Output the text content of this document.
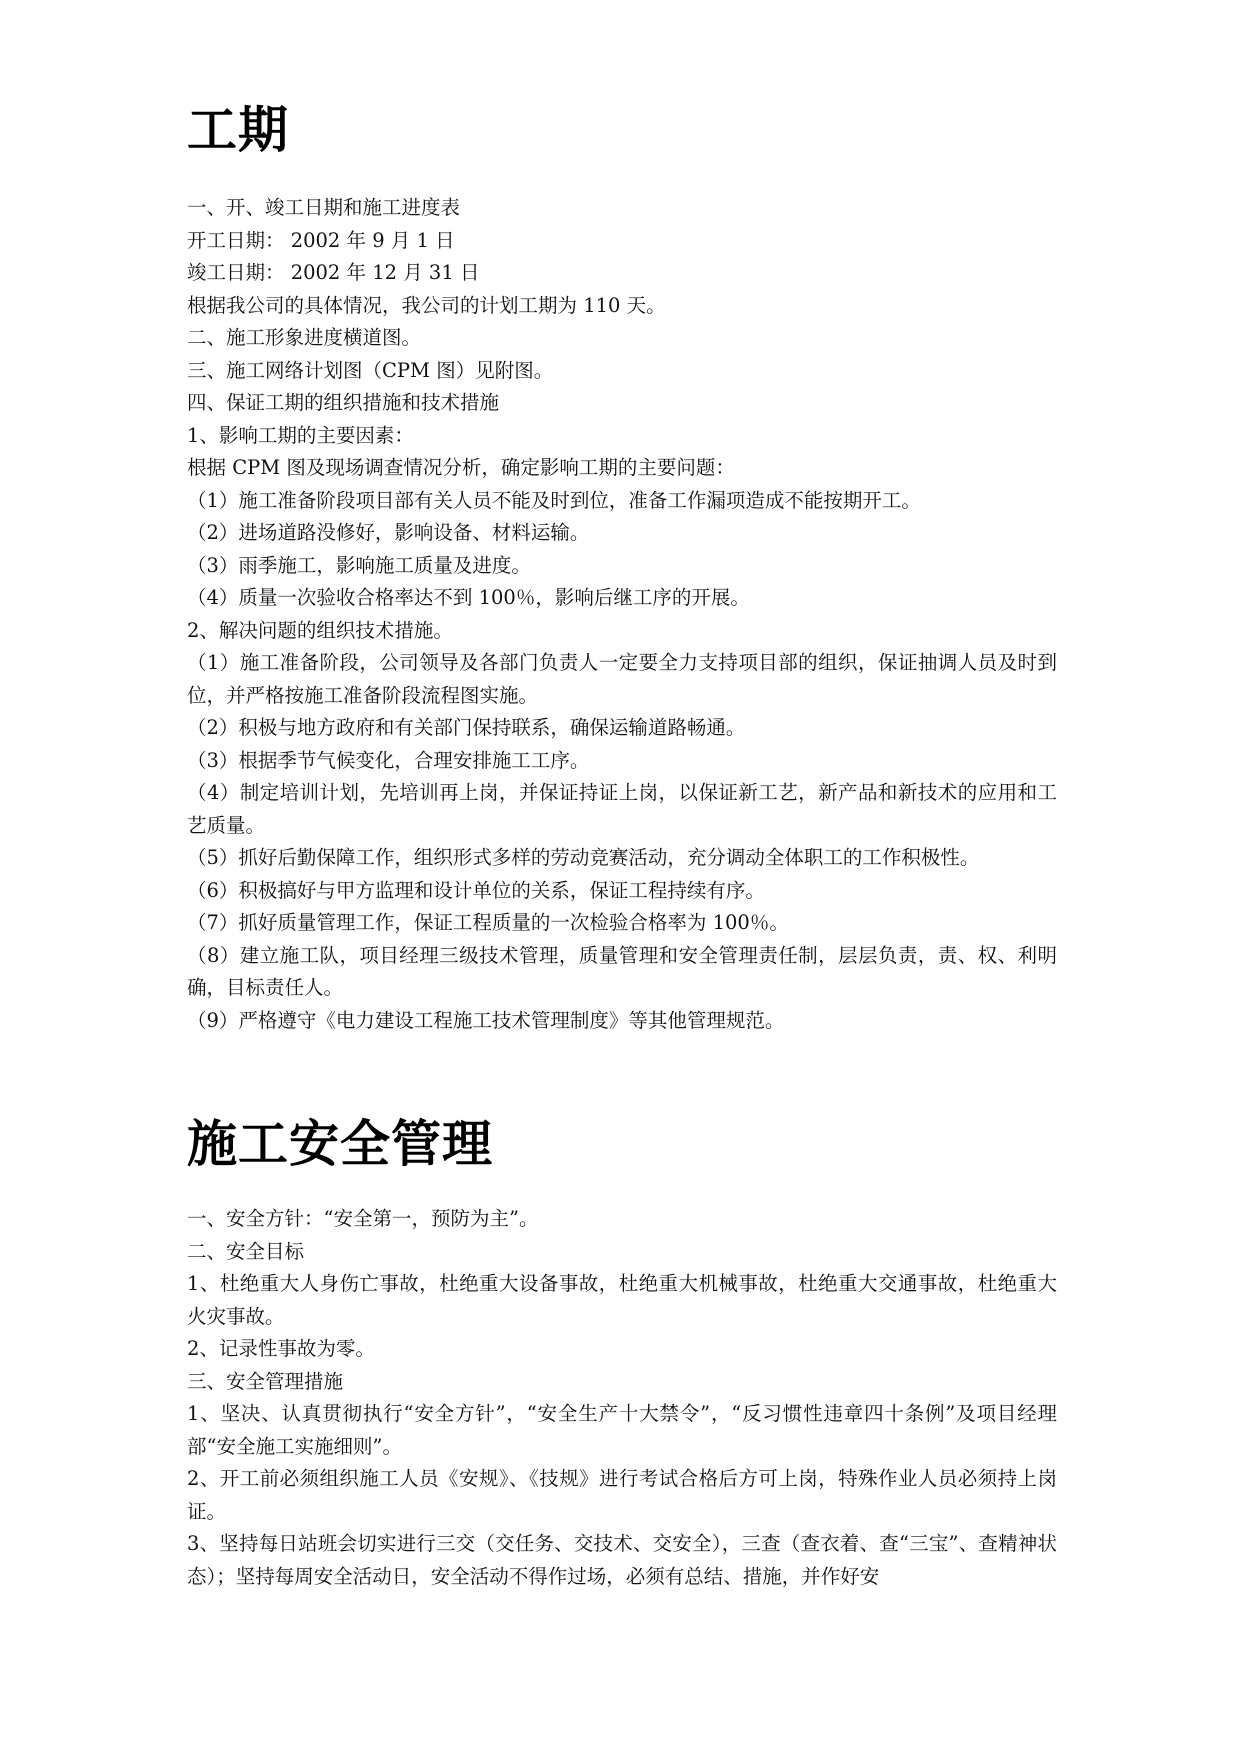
工期

一、开、竣工日期和施工进度表

开工日期： 2002 年 9 月 1 日

竣工日期： 2002 年 12 月 31 日

根据我公司的具体情况，我公司的计划工期为 110 天。

二、施工形象进度横道图。

三、施工网络计划图（CPM 图）见附图。

四、保证工期的组织措施和技术措施

1、影响工期的主要因素：

根据 CPM 图及现场调查情况分析，确定影响工期的主要问题：

（1）施工准备阶段项目部有关人员不能及时到位，准备工作漏项造成不能按期开工。

（2）进场道路没修好，影响设备、材料运输。

（3）雨季施工，影响施工质量及进度。

（4）质量一次验收合格率达不到 100％，影响后继工序的开展。

2、解决问题的组织技术措施。

（1）施工准备阶段，公司领导及各部门负责人一定要全力支持项目部的组织，保证抽调人员及时到位，并严格按施工准备阶段流程图实施。

（2）积极与地方政府和有关部门保持联系，确保运输道路畅通。

（3）根据季节气候变化，合理安排施工工序。

（4）制定培训计划，先培训再上岗，并保证持证上岗，以保证新工艺，新产品和新技术的应用和工艺质量。

（5）抓好后勤保障工作，组织形式多样的劳动竞赛活动，充分调动全体职工的工作积极性。

（6）积极搞好与甲方监理和设计单位的关系，保证工程持续有序。

（7）抓好质量管理工作，保证工程质量的一次检验合格率为 100％。

（8）建立施工队，项目经理三级技术管理，质量管理和安全管理责任制，层层负责，责、权、利明确，目标责任人。

（9）严格遵守《电力建设工程施工技术管理制度》等其他管理规范。

施工安全管理

一、安全方针：“安全第一，预防为主”。

二、安全目标

1、杜绝重大人身伤亡事故，杜绝重大设备事故，杜绝重大机械事故，杜绝重大交通事故，杜绝重大火灾事故。

2、记录性事故为零。

三、安全管理措施

1、坚决、认真贯彻执行“安全方针”，“安全生产十大禁令”，“反习惯性违章四十条例”及项目经理部“安全施工实施细则”。

2、开工前必须组织施工人员《安规》、《技规》进行考试合格后方可上岗，特殊作业人员必须持上岗证。

3、坚持每日站班会切实进行三交（交任务、交技术、交安全），三查（查衣着、查“三宝”、查精神状态）；坚持每周安全活动日，安全活动不得作过场，必须有总结、措施，并作好安
